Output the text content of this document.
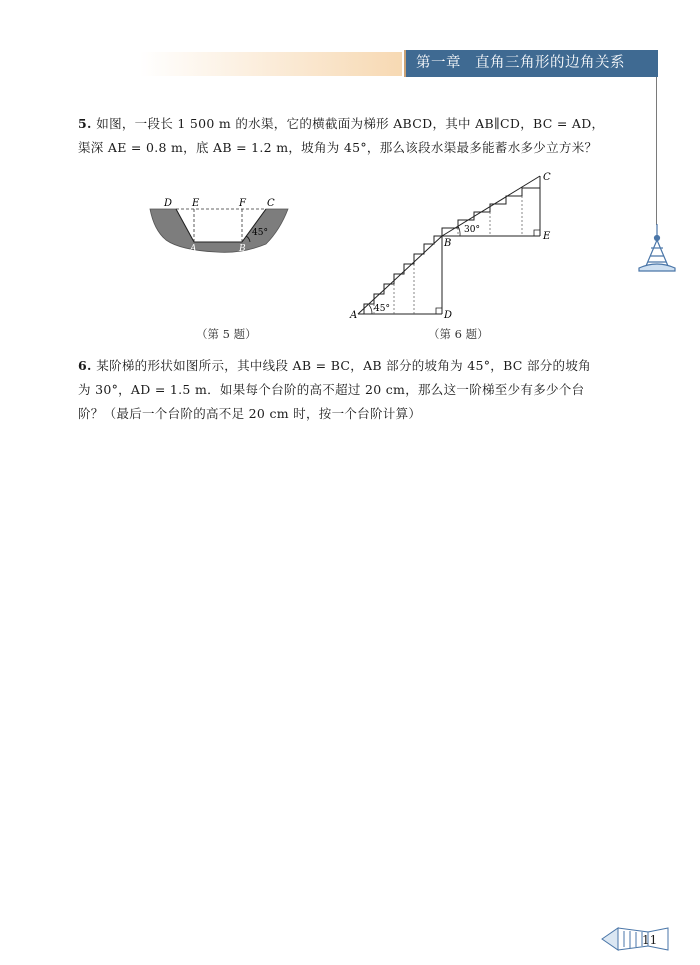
第一章 直角三角形的边角关系
5. 如图，一段长 1 500 m 的水渠，它的横截面为梯形 ABCD，其中 AB∥CD，BC = AD，
渠深 AE = 0.8 m，底 AB = 1.2 m，坡角为 45°，那么该段水渠最多能蓄水多少立方米？
D E	F C
A	B
45°
（第 5 题）
A	D
B
C
E
45°
30°
（第 6 题）
6. 某阶梯的形状如图所示，其中线段 AB = BC，AB 部分的坡角为 45°，BC 部分的坡角
为 30°，AD = 1.5 m．如果每个台阶的高不超过 20 cm，那么这一阶梯至少有多少个台
阶？（最后一个台阶的高不足 20 cm 时，按一个台阶计算）
11
